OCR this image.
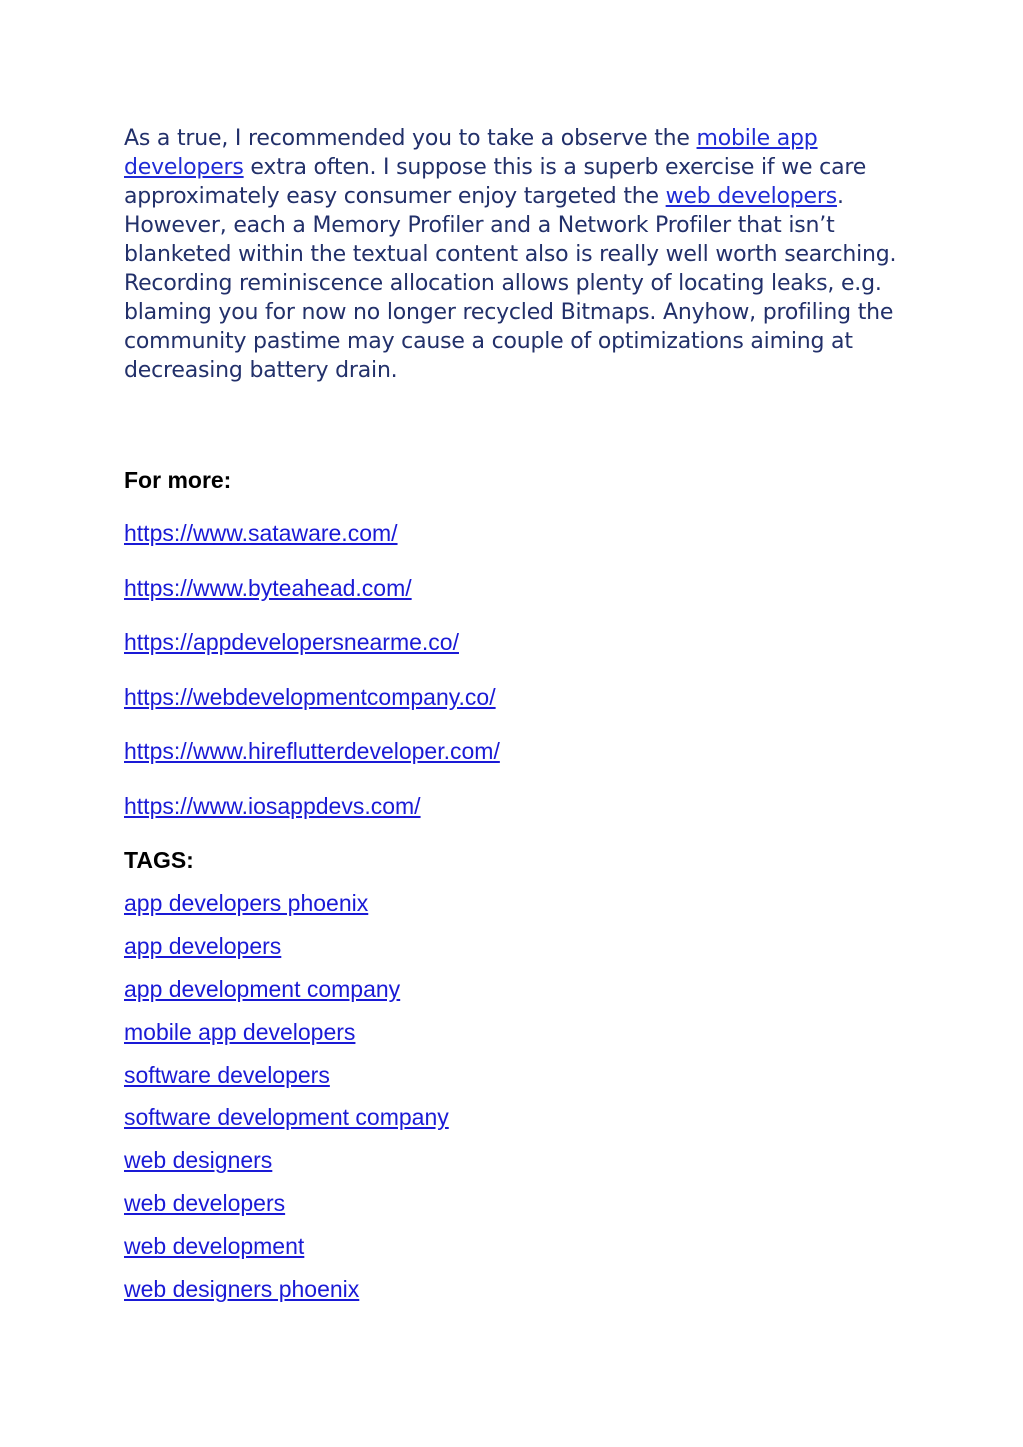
As a true, I recommended you to take a observe the mobile app developers extra often. I suppose this is a superb exercise if we care approximately easy consumer enjoy targeted the web developers. However, each a Memory Profiler and a Network Profiler that isn’t blanketed within the textual content also is really well worth searching. Recording reminiscence allocation allows plenty of locating leaks, e.g. blaming you for now no longer recycled Bitmaps. Anyhow, profiling the community pastime may cause a couple of optimizations aiming at decreasing battery drain.

For more:
https://www.sataware.com/
https://www.byteahead.com/
https://appdevelopersnearme.co/
https://webdevelopmentcompany.co/
https://www.hireflutterdeveloper.com/
https://www.iosappdevs.com/
TAGS:
app developers phoenix
app developers
app development company
mobile app developers
software developers
software development company
web designers
web developers
web development
web designers phoenix
